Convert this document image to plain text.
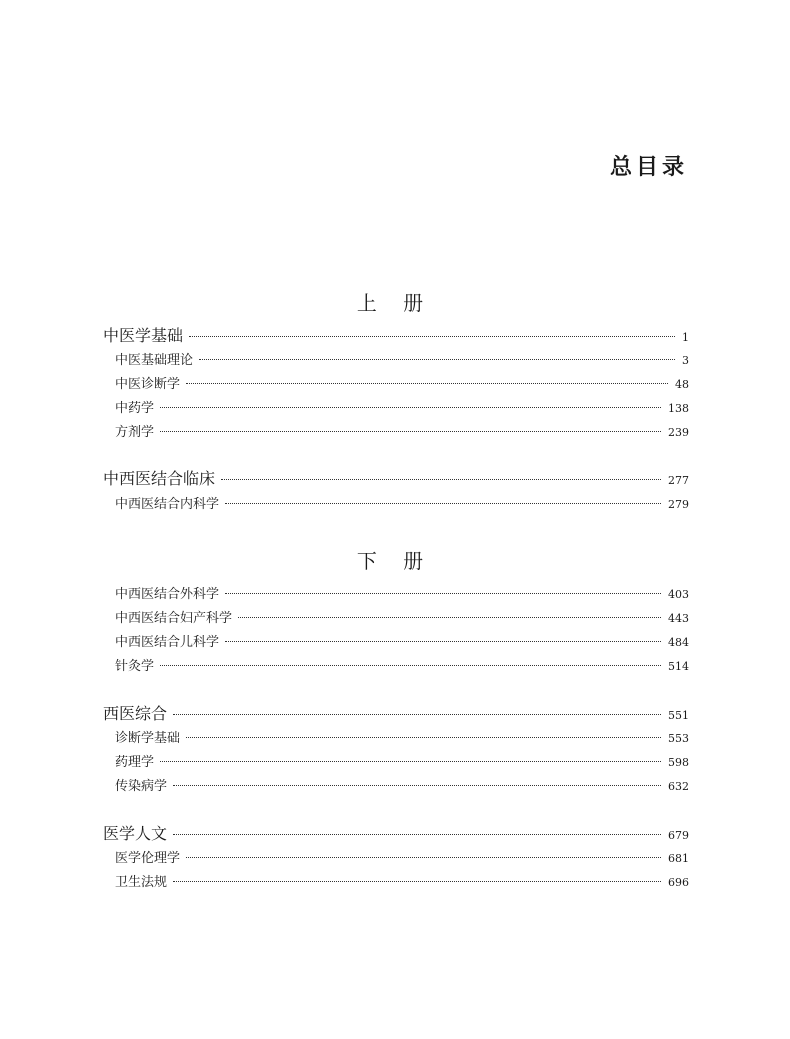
总目录
上 册
下 册
中医学基础	1
中医基础理论	3
中医诊断学	48
中药学	138
方剂学	239
中西医结合临床	277
中西医结合内科学	279
中西医结合外科学	403
中西医结合妇产科学	443
中西医结合儿科学	484
针灸学	514
西医综合	551
诊断学基础	553
药理学	598
传染病学	632
医学人文	679
医学伦理学	681
卫生法规	696
